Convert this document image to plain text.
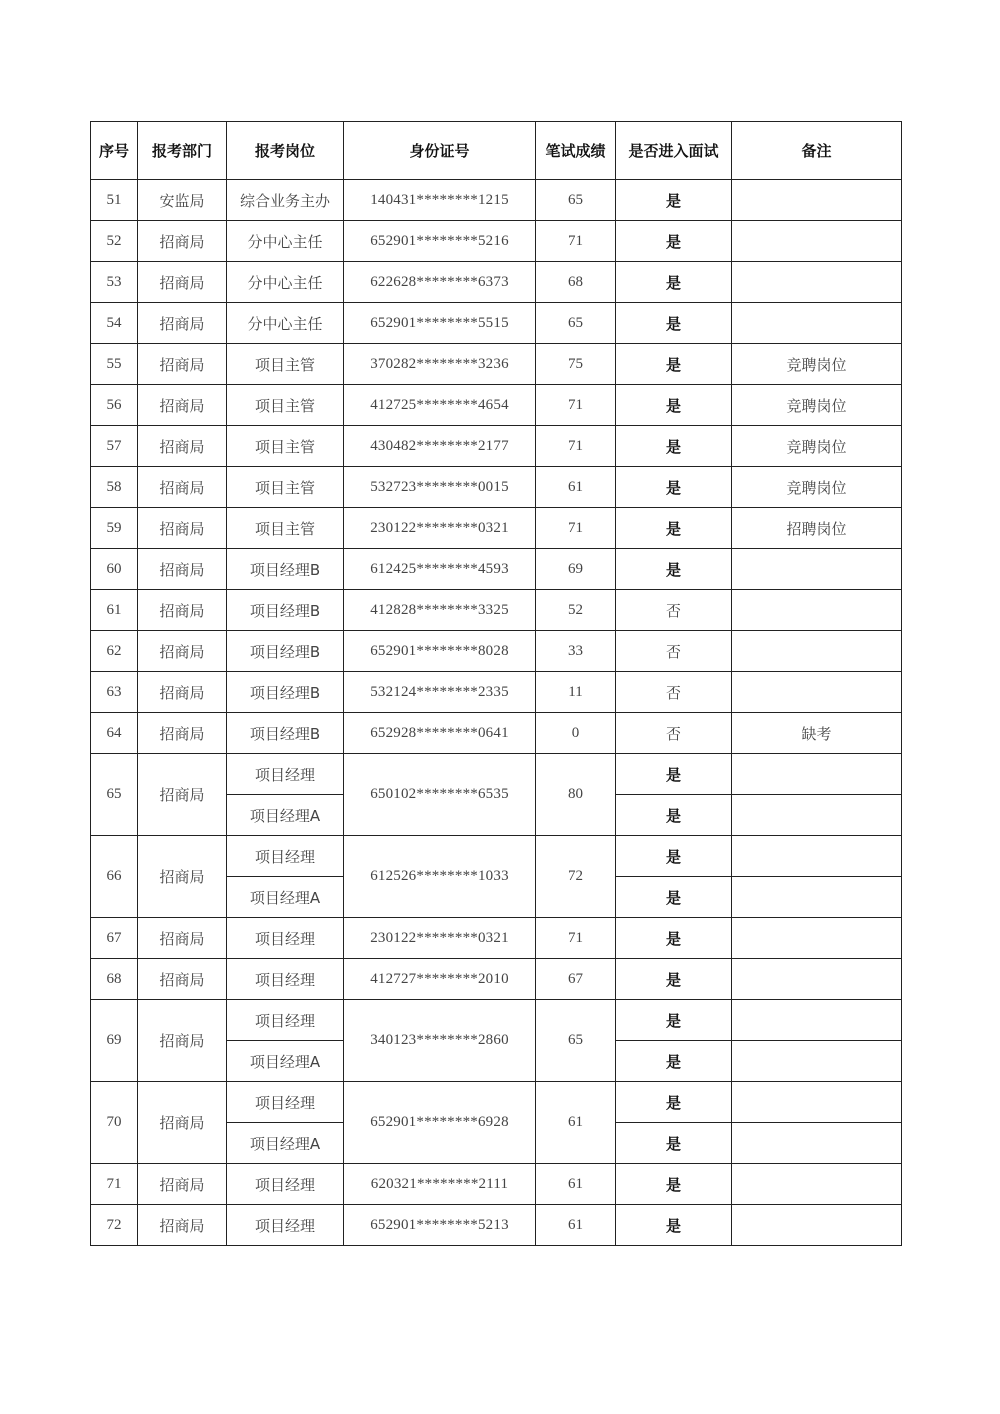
序号	报考部门	报考岗位	身份证号	笔试成绩	是否进入面试	备注
51	安监局	综合业务主办	140431********1215	65	是	
52	招商局	分中心主任	652901********5216	71	是	
53	招商局	分中心主任	622628********6373	68	是	
54	招商局	分中心主任	652901********5515	65	是	
55	招商局	项目主管	370282********3236	75	是	竞聘岗位
56	招商局	项目主管	412725********4654	71	是	竞聘岗位
57	招商局	项目主管	430482********2177	71	是	竞聘岗位
58	招商局	项目主管	532723********0015	61	是	竞聘岗位
59	招商局	项目主管	230122********0321	71	是	招聘岗位
60	招商局	项目经理B	612425********4593	69	是	
61	招商局	项目经理B	412828********3325	52	否	
62	招商局	项目经理B	652901********8028	33	否	
63	招商局	项目经理B	532124********2335	11	否	
64	招商局	项目经理B	652928********0641	0	否	缺考
65	招商局	项目经理	650102********6535	80	是	
		项目经理A			是	
66	招商局	项目经理	612526********1033	72	是	
		项目经理A			是	
67	招商局	项目经理	230122********0321	71	是	
68	招商局	项目经理	412727********2010	67	是	
69	招商局	项目经理	340123********2860	65	是	
		项目经理A			是	
70	招商局	项目经理	652901********6928	61	是	
		项目经理A			是	
71	招商局	项目经理	620321********2111	61	是	
72	招商局	项目经理	652901********5213	61	是	
